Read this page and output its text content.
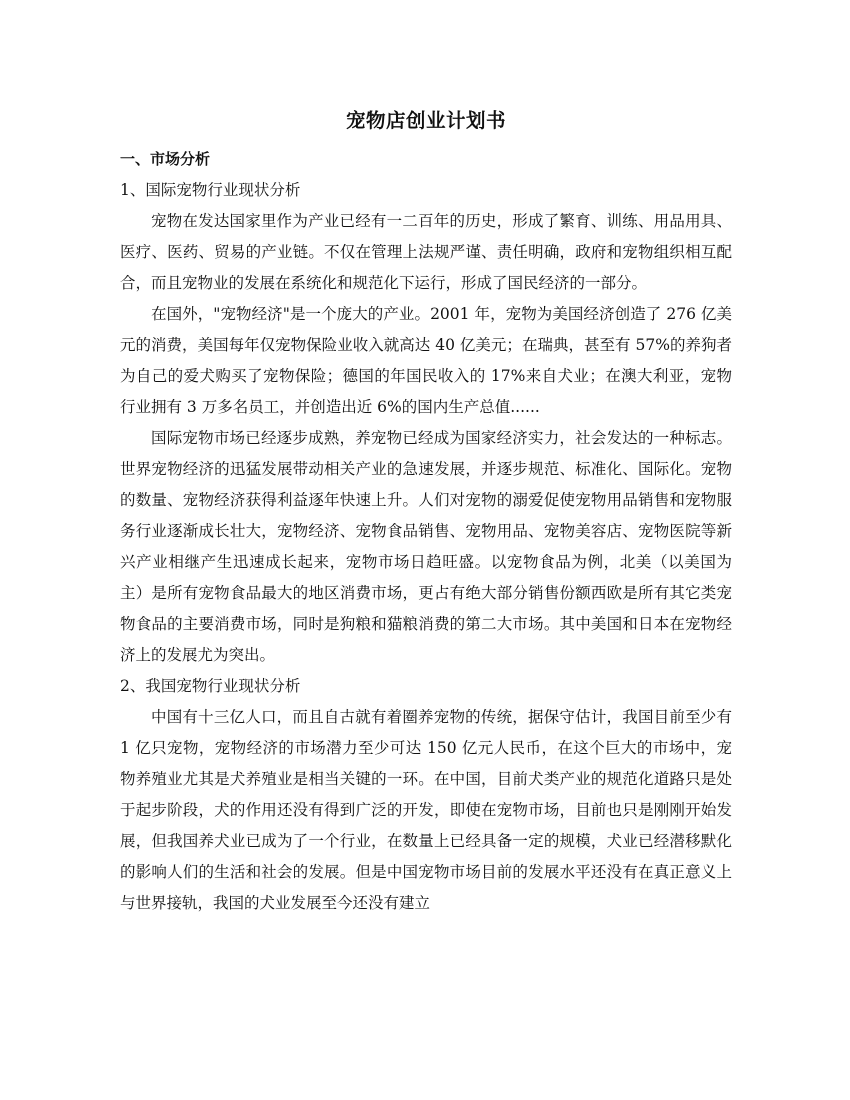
宠物店创业计划书
一、市场分析

1、国际宠物行业现状分析

宠物在发达国家里作为产业已经有一二百年的历史，形成了繁育、训练、用品用具、医疗、医药、贸易的产业链。不仅在管理上法规严谨、责任明确，政府和宠物组织相互配合，而且宠物业的发展在系统化和规范化下运行，形成了国民经济的一部分。

在国外，"宠物经济"是一个庞大的产业。2001 年，宠物为美国经济创造了 276 亿美元的消费，美国每年仅宠物保险业收入就高达 40 亿美元；在瑞典，甚至有 57%的养狗者为自己的爱犬购买了宠物保险；德国的年国民收入的 17%来自犬业；在澳大利亚，宠物行业拥有 3 万多名员工，并创造出近 6%的国内生产总值......

国际宠物市场已经逐步成熟，养宠物已经成为国家经济实力，社会发达的一种标志。世界宠物经济的迅猛发展带动相关产业的急速发展，并逐步规范、标准化、国际化。宠物的数量、宠物经济获得利益逐年快速上升。人们对宠物的溺爱促使宠物用品销售和宠物服务行业逐渐成长壮大，宠物经济、宠物食品销售、宠物用品、宠物美容店、宠物医院等新兴产业相继产生迅速成长起来，宠物市场日趋旺盛。以宠物食品为例，北美（以美国为主）是所有宠物食品最大的地区消费市场，更占有绝大部分销售份额西欧是所有其它类宠物食品的主要消费市场，同时是狗粮和猫粮消费的第二大市场。其中美国和日本在宠物经济上的发展尤为突出。

2、我国宠物行业现状分析

中国有十三亿人口，而且自古就有着圈养宠物的传统，据保守估计，我国目前至少有 1 亿只宠物，宠物经济的市场潜力至少可达 150 亿元人民币，在这个巨大的市场中，宠物养殖业尤其是犬养殖业是相当关键的一环。在中国，目前犬类产业的规范化道路只是处于起步阶段，犬的作用还没有得到广泛的开发，即使在宠物市场，目前也只是刚刚开始发展，但我国养犬业已成为了一个行业，在数量上已经具备一定的规模，犬业已经潜移默化的影响人们的生活和社会的发展。但是中国宠物市场目前的发展水平还没有在真正意义上与世界接轨，我国的犬业发展至今还没有建立
